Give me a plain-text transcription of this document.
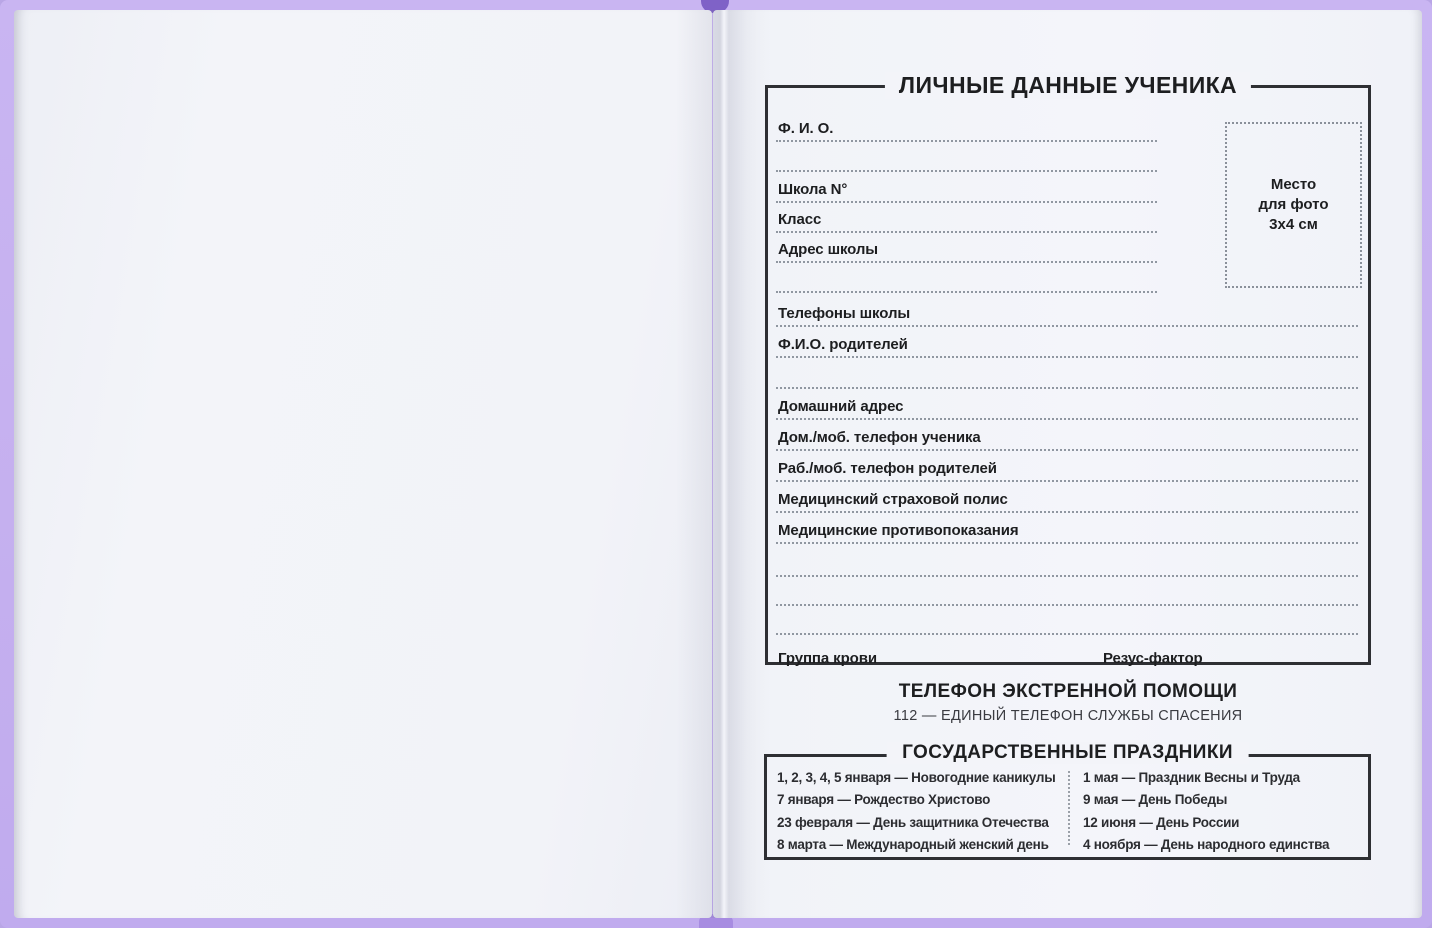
ЛИЧНЫЕ ДАННЫЕ УЧЕНИКА
Ф. И. О.
Школа N°
Класс
Адрес школы
Телефоны школы
Ф.И.О. родителей
Домашний адрес
Дом./моб. телефон ученика
Раб./моб. телефон родителей
Медицинский страховой полис
Медицинские противопоказания
Группа крови	Резус-фактор
Место
для фото
3х4 см
ТЕЛЕФОН ЭКСТРЕННОЙ ПОМОЩИ
112 — ЕДИНЫЙ ТЕЛЕФОН СЛУЖБЫ СПАСЕНИЯ
ГОСУДАРСТВЕННЫЕ ПРАЗДНИКИ
1, 2, 3, 4, 5 января — Новогодние каникулы
7 января — Рождество Христово
23 февраля — День защитника Отечества
8 марта — Международный женский день
1 мая — Праздник Весны и Труда
9 мая — День Победы
12 июня — День России
4 ноября — День народного единства
